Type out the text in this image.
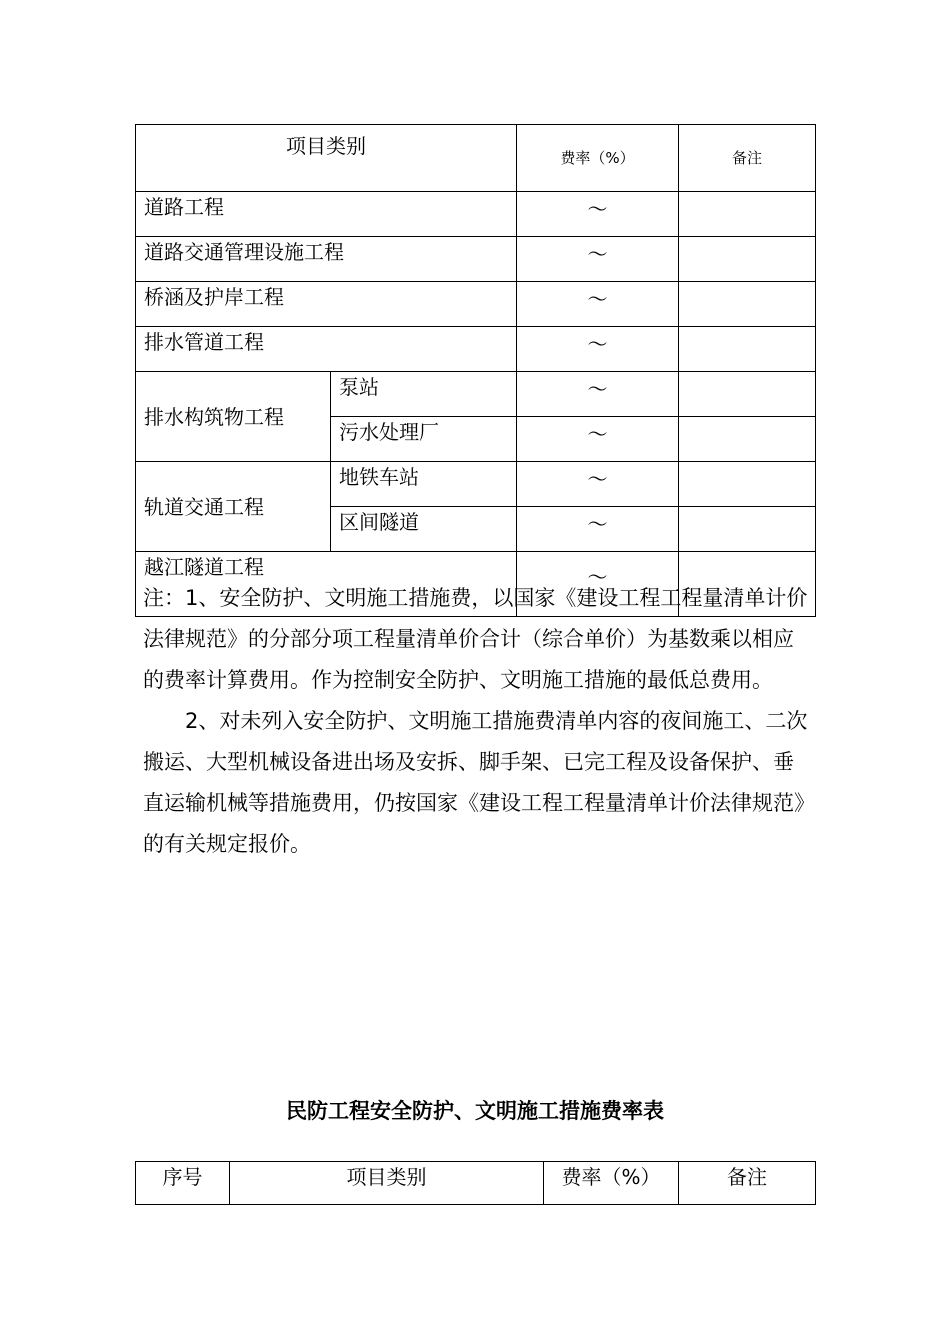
项目类别		费率（%）	备注
道路工程		～	
道路交通管理设施工程		～	
桥涵及护岸工程		～	
排水管道工程		～	
排水构筑物工程	泵站	～	
	污水处理厂	～	
轨道交通工程	地铁车站	～	
	区间隧道	～	
越江隧道工程		～	

注：1、安全防护、文明施工措施费，以国家《建设工程工程量清单计价法律规范》的分部分项工程量清单价合计（综合单价）为基数乘以相应的费率计算费用。作为控制安全防护、文明施工措施的最低总费用。

2、对未列入安全防护、文明施工措施费清单内容的夜间施工、二次搬运、大型机械设备进出场及安拆、脚手架、已完工程及设备保护、垂直运输机械等措施费用，仍按国家《建设工程工程量清单计价法律规范》的有关规定报价。

民防工程安全防护、文明施工措施费率表
序号	项目类别	费率（%）	备注
